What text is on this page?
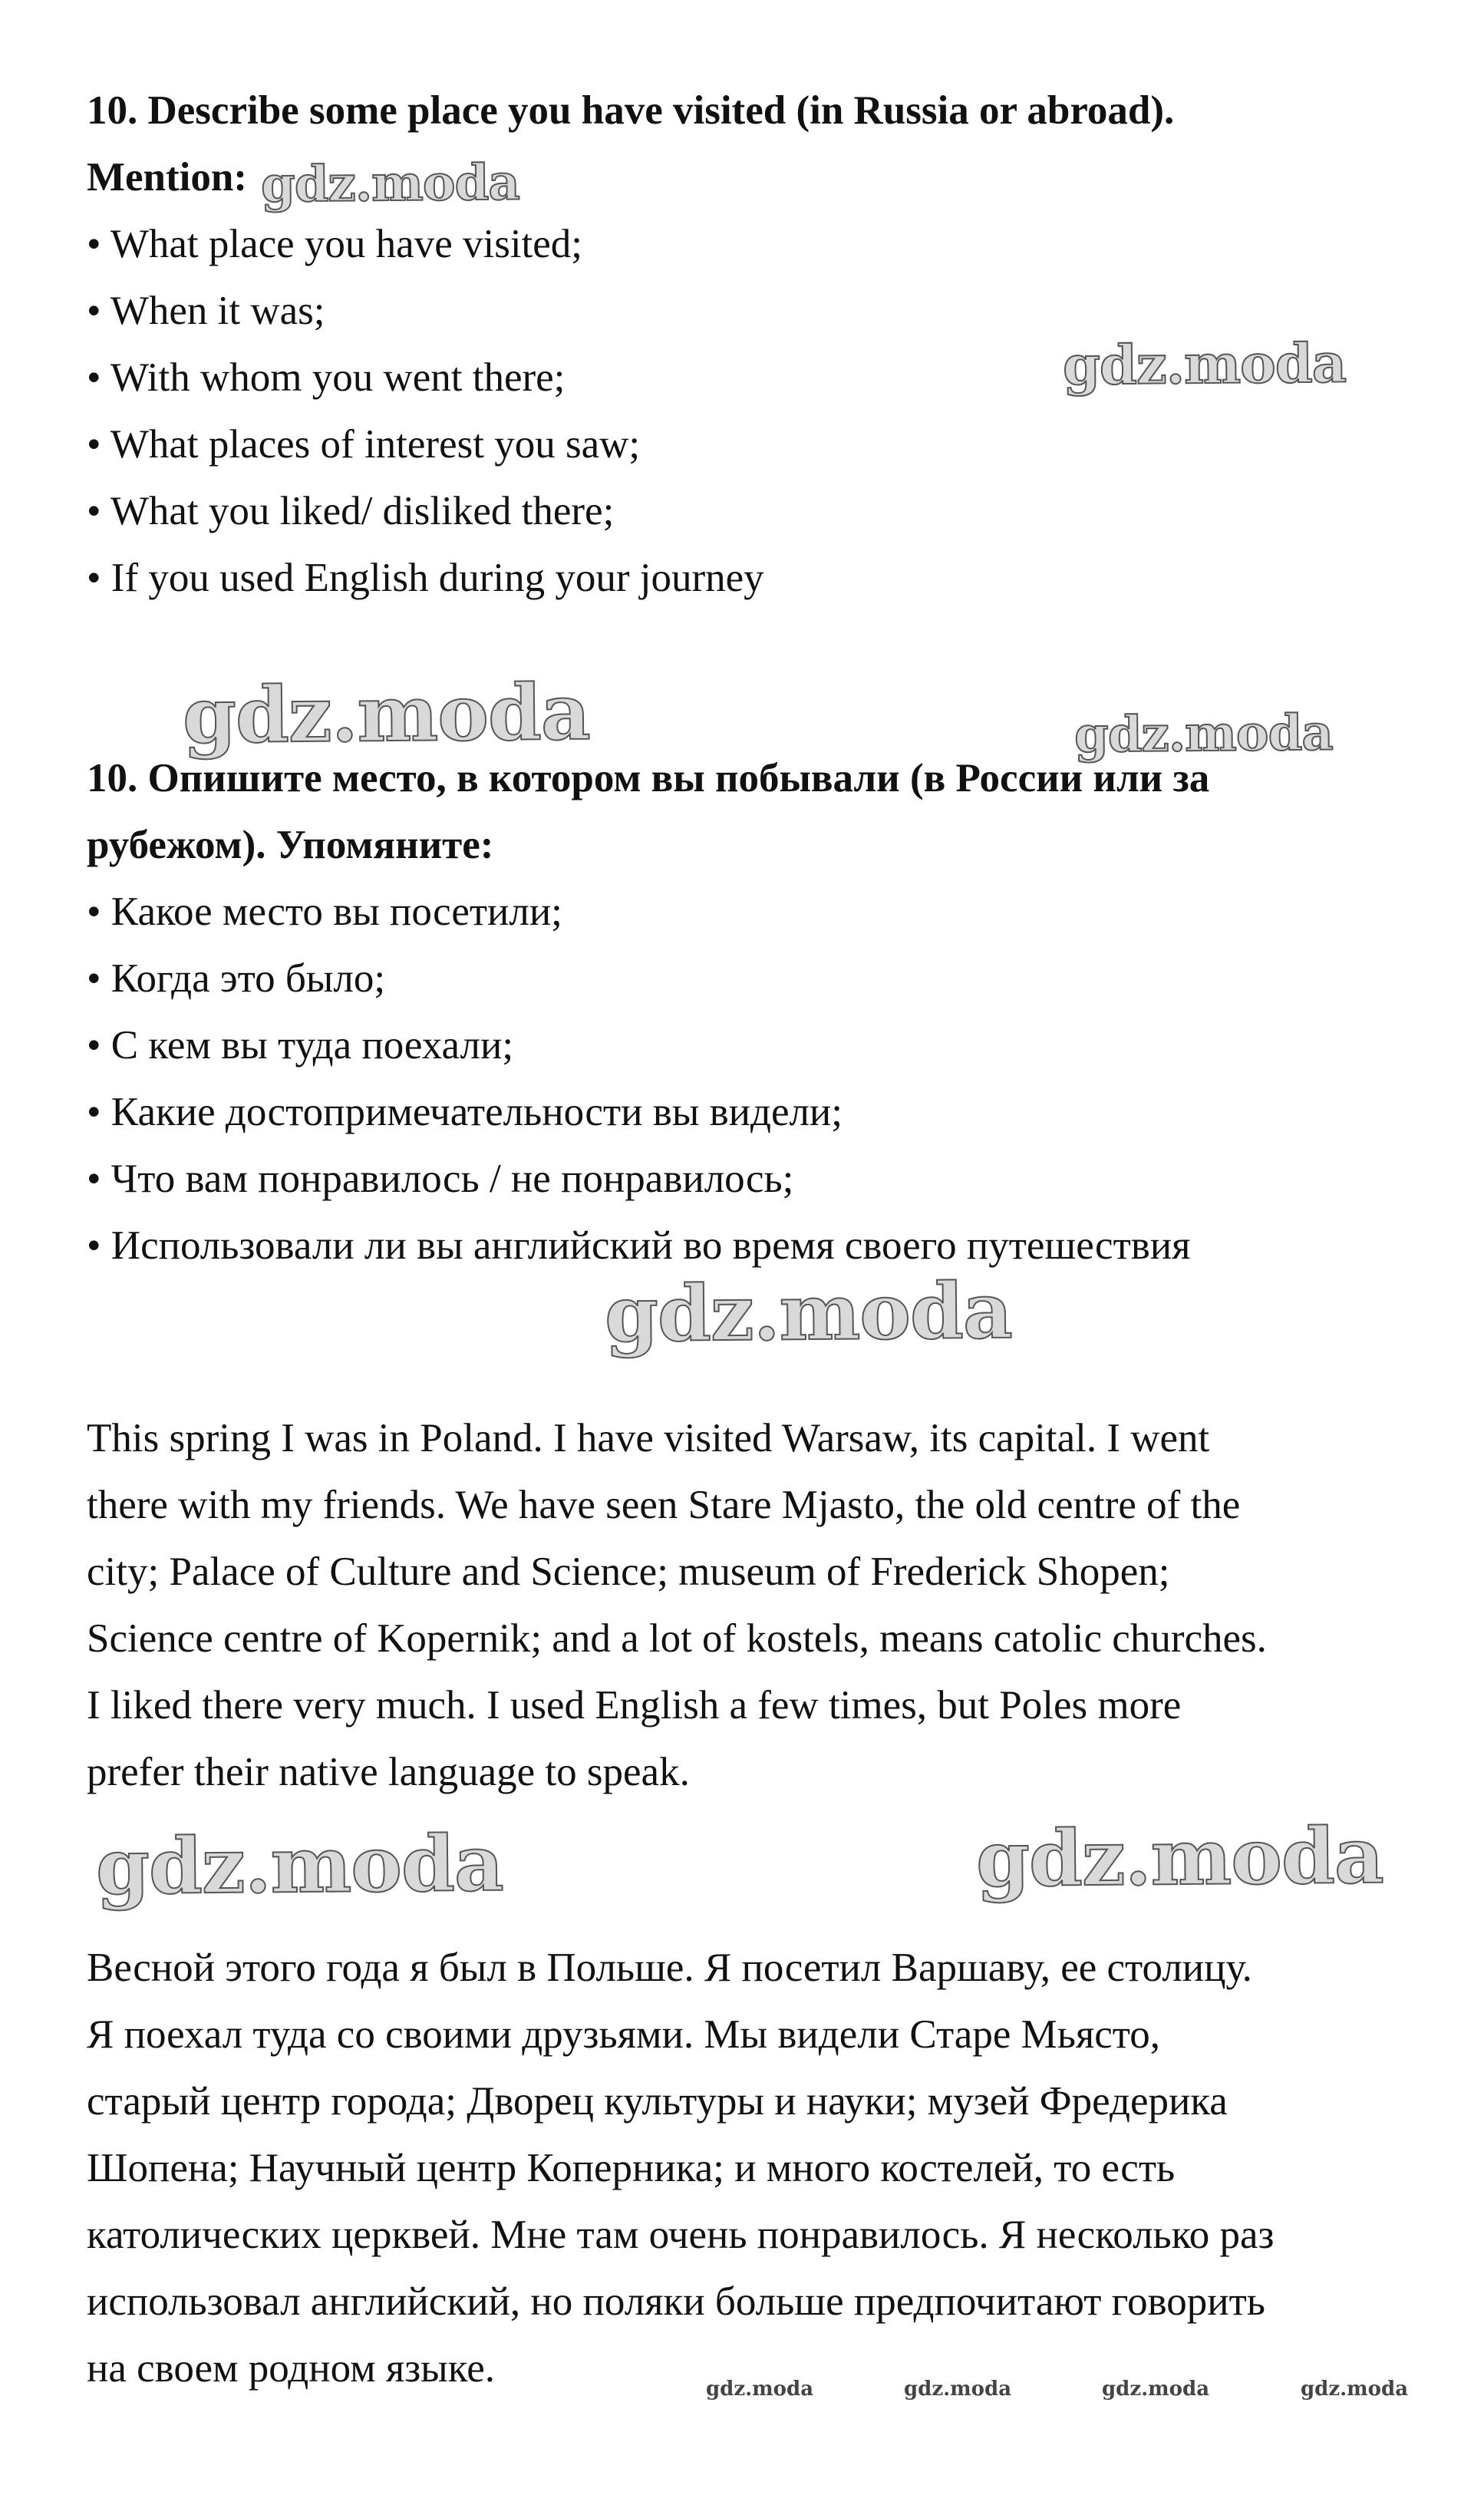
10. Describe some place you have visited (in Russia or abroad).
Mention:
• What place you have visited;
• When it was;
• With whom you went there;
• What places of interest you saw;
• What you liked/ disliked there;
• If you used English during your journey
10. Опишите место, в котором вы побывали (в России или за
рубежом). Упомяните:
• Какое место вы посетили;
• Когда это было;
• С кем вы туда поехали;
• Какие достопримечательности вы видели;
• Что вам понравилось / не понравилось;
• Использовали ли вы английский во время своего путешествия
This spring I was in Poland. I have visited Warsaw, its capital. I went
there with my friends. We have seen Stare Mjasto, the old centre of the
city; Palace of Culture and Science; museum of Frederick Shopen;
Science centre of Kopernik; and a lot of kostels, means catolic churches.
I liked there very much. I used English a few times, but Poles more
prefer their native language to speak.
Весной этого года я был в Польше. Я посетил Варшаву, ее столицу.
Я поехал туда со своими друзьями. Мы видели Старе Мьясто,
старый центр города; Дворец культуры и науки; музей Фредерика
Шопена; Научный центр Коперника; и много костелей, то есть
католических церквей. Мне там очень понравилось. Я несколько раз
использовал английский, но поляки больше предпочитают говорить
на своем родном языке.
gdz.moda
gdz.moda
gdz.moda	gdz.moda
gdz.moda
gdz.moda	gdz.moda
gdz.moda	gdz.moda	gdz.moda	gdz.moda
